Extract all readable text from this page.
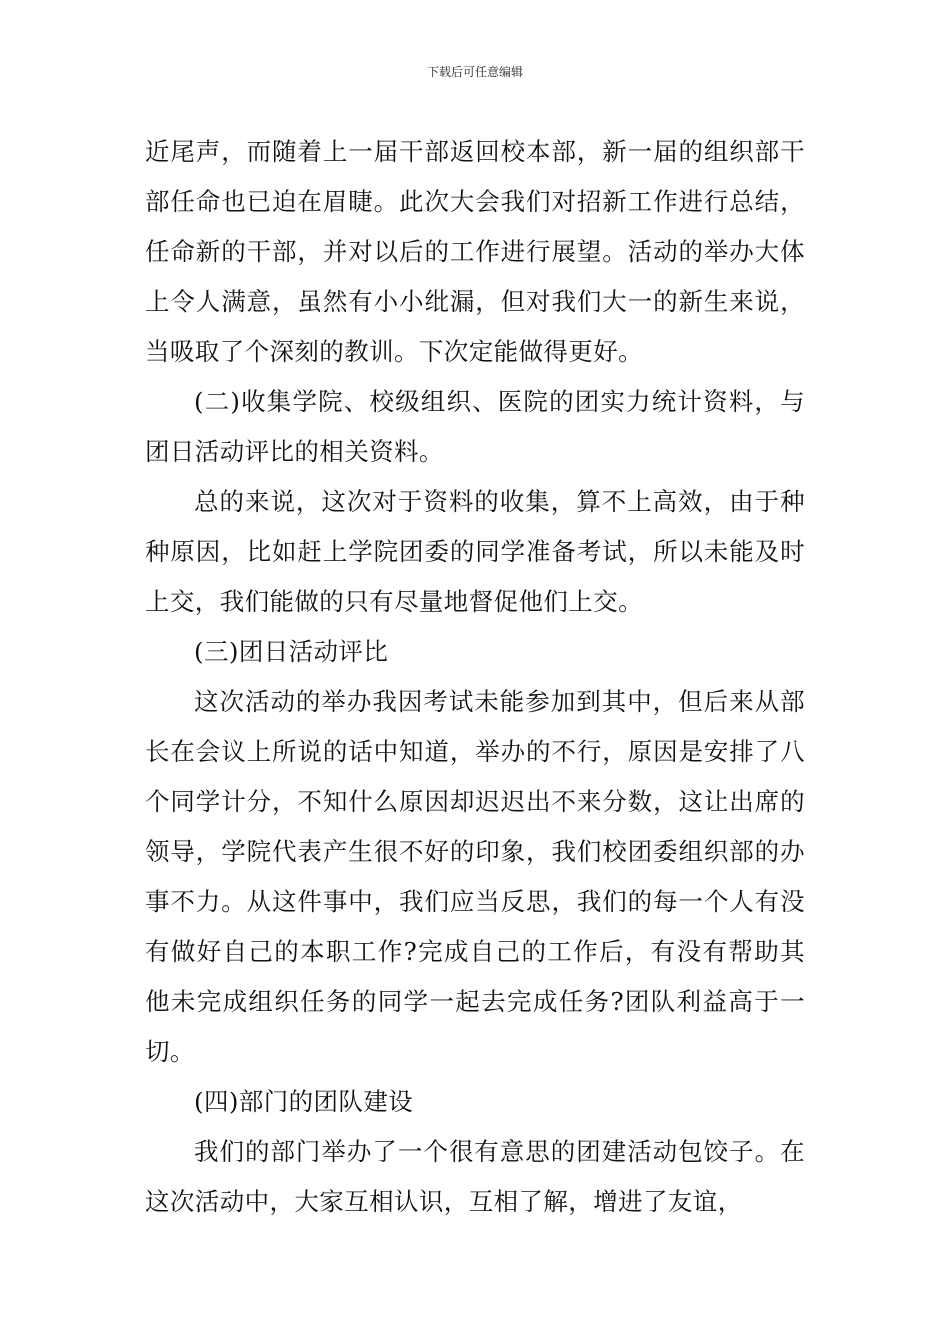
下载后可任意编辑

近尾声，而随着上一届干部返回校本部，新一届的组织部干部任命也已迫在眉睫。此次大会我们对招新工作进行总结，任命新的干部，并对以后的工作进行展望。活动的举办大体上令人满意，虽然有小小纰漏，但对我们大一的新生来说，当吸取了个深刻的教训。下次定能做得更好。

(二)收集学院、校级组织、医院的团实力统计资料，与团日活动评比的相关资料。

总的来说，这次对于资料的收集，算不上高效，由于种种原因，比如赶上学院团委的同学准备考试，所以未能及时上交，我们能做的只有尽量地督促他们上交。

(三)团日活动评比

这次活动的举办我因考试未能参加到其中，但后来从部长在会议上所说的话中知道，举办的不行，原因是安排了八个同学计分，不知什么原因却迟迟出不来分数，这让出席的领导，学院代表产生很不好的印象，我们校团委组织部的办事不力。从这件事中，我们应当反思，我们的每一个人有没有做好自己的本职工作?完成自己的工作后，有没有帮助其他未完成组织任务的同学一起去完成任务?团队利益高于一切。

(四)部门的团队建设

我们的部门举办了一个很有意思的团建活动包饺子。在这次活动中，大家互相认识，互相了解，增进了友谊，
